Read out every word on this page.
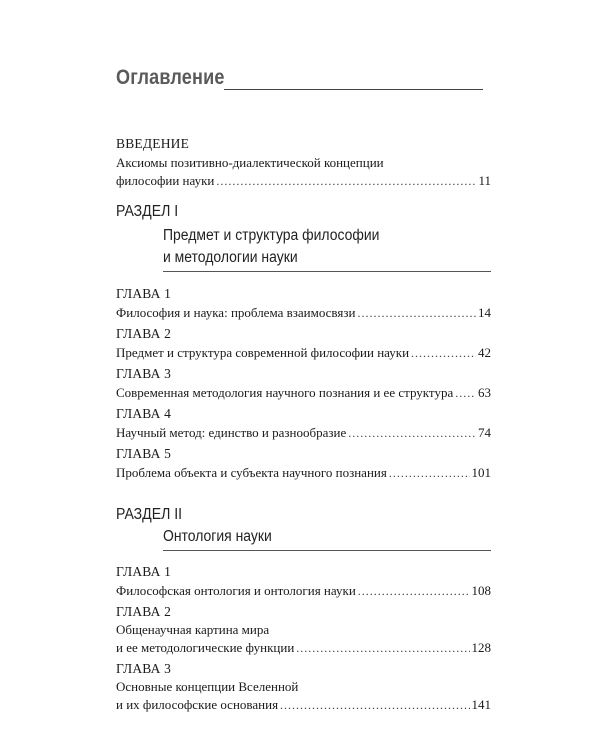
Оглавление
ВВЕДЕНИЕ
Аксиомы позитивно-диалектической концепции
философии науки .....	11
РАЗДЕЛ I
Предмет и структура философии
и методологии науки
ГЛАВА 1
Философия и наука: проблема взаимосвязи .....	14
ГЛАВА 2
Предмет и структура современной философии науки .....	42
ГЛАВА 3
Современная методология научного познания и ее структура ..... 63
ГЛАВА 4
Научный метод: единство и разнообразие .....	74
ГЛАВА 5
Проблема объекта и субъекта научного познания .....	101
РАЗДЕЛ II
Онтология науки
ГЛАВА 1
Философская онтология и онтология науки .....	108
ГЛАВА 2
Общенаучная картина мира
и ее методологические функции .....	128
ГЛАВА 3
Основные концепции Вселенной
и их философские основания .....	141
